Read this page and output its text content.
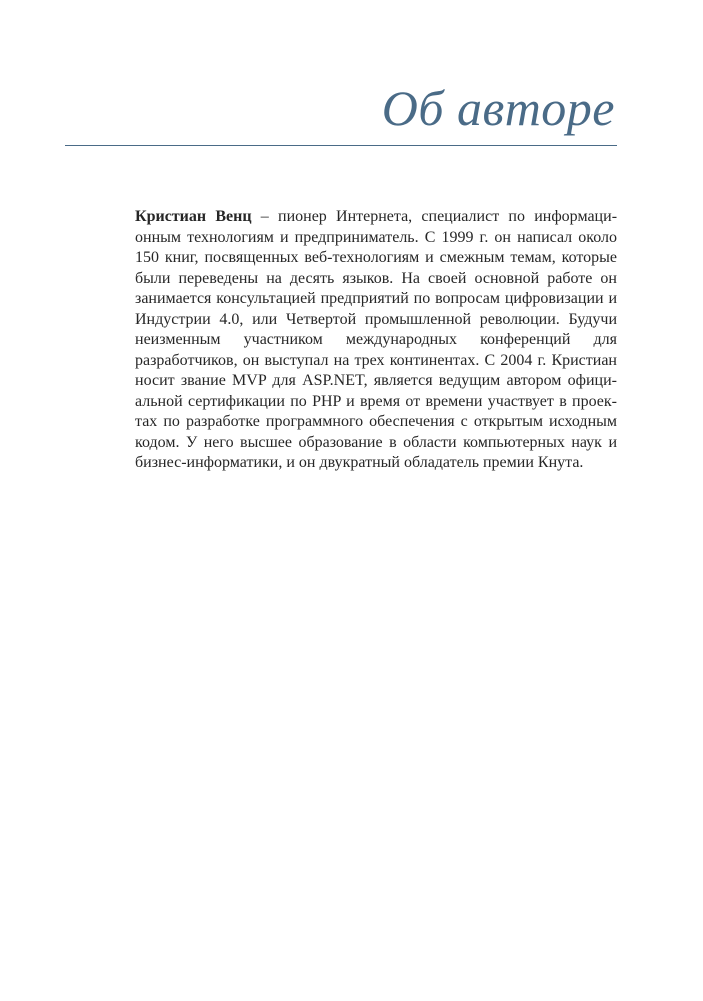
Об авторе

Кристиан Венц – пионер Интернета, специалист по информационным технологиям и предприниматель. С 1999 г. он написал около 150 книг, посвященных веб-технологиям и смежным темам, которые были переведены на десять языков. На своей основной работе он занимается консультацией предприятий по вопросам цифровизации и Индустрии 4.0, или Четвертой промышленной революции. Будучи неизменным участником международных конференций для разработчиков, он выступал на трех континентах. С 2004 г. Кристиан носит звание MVP для ASP.NET, является ведущим автором официальной сертификации по PHP и время от времени участвует в проектах по разработке программного обеспечения с открытым исходным кодом. У него высшее образование в области компьютерных наук и бизнес-информатики, и он двукратный обладатель премии Кнута.
